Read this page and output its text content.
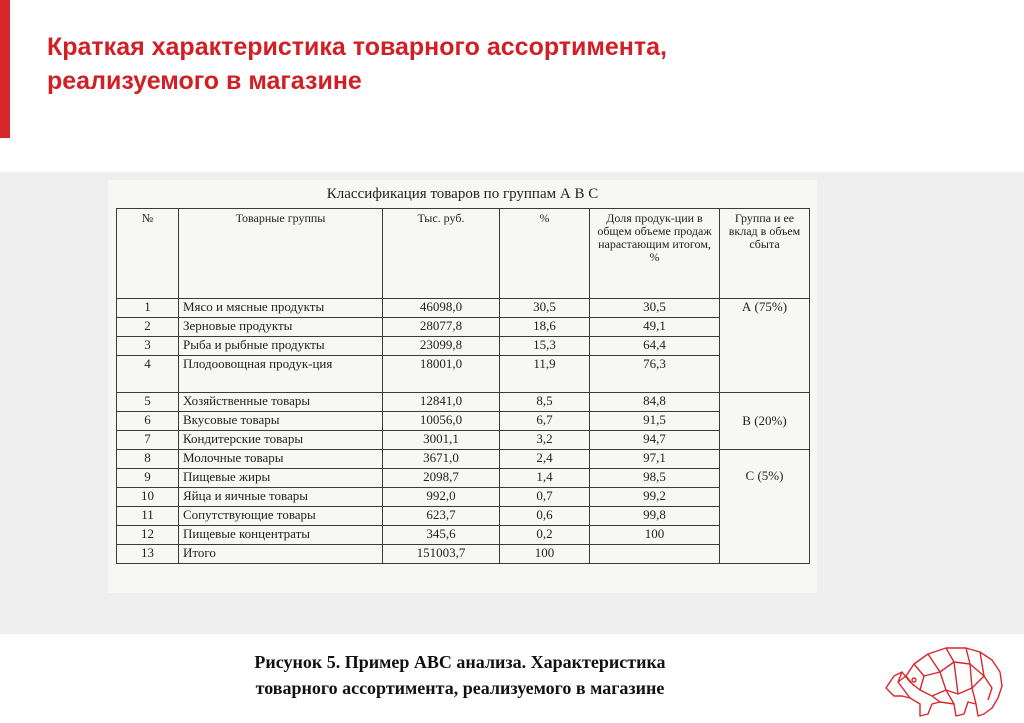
Краткая характеристика товарного ассортимента,
реализуемого в магазине
Классификация товаров по группам А В С
№	Товарные группы	Тыс. руб.	%	Доля продук-ции в общем объеме продаж нарастающим итогом, %	Группа и ее вклад в объем сбыта
1	Мясо и мясные продукты	46098,0	30,5	30,5	А (75%)
2	Зерновые продукты	28077,8	18,6	49,1	
3	Рыба и рыбные продукты	23099,8	15,3	64,4	
4	Плодоовощная продук-ция	18001,0	11,9	76,3	
5	Хозяйственные товары	12841,0	8,5	84,8	В (20%)
6	Вкусовые товары	10056,0	6,7	91,5	
7	Кондитерские товары	3001,1	3,2	94,7	
8	Молочные товары	3671,0	2,4	97,1	С (5%)
9	Пищевые жиры	2098,7	1,4	98,5	
10	Яйца и яичные товары	992,0	0,7	99,2	
11	Сопутствующие товары	623,7	0,6	99,8	
12	Пищевые концентраты	345,6	0,2	100	
13	Итого	151003,7	100		
Рисунок 5. Пример АВС анализа. Характеристика
товарного ассортимента, реализуемого в магазине
